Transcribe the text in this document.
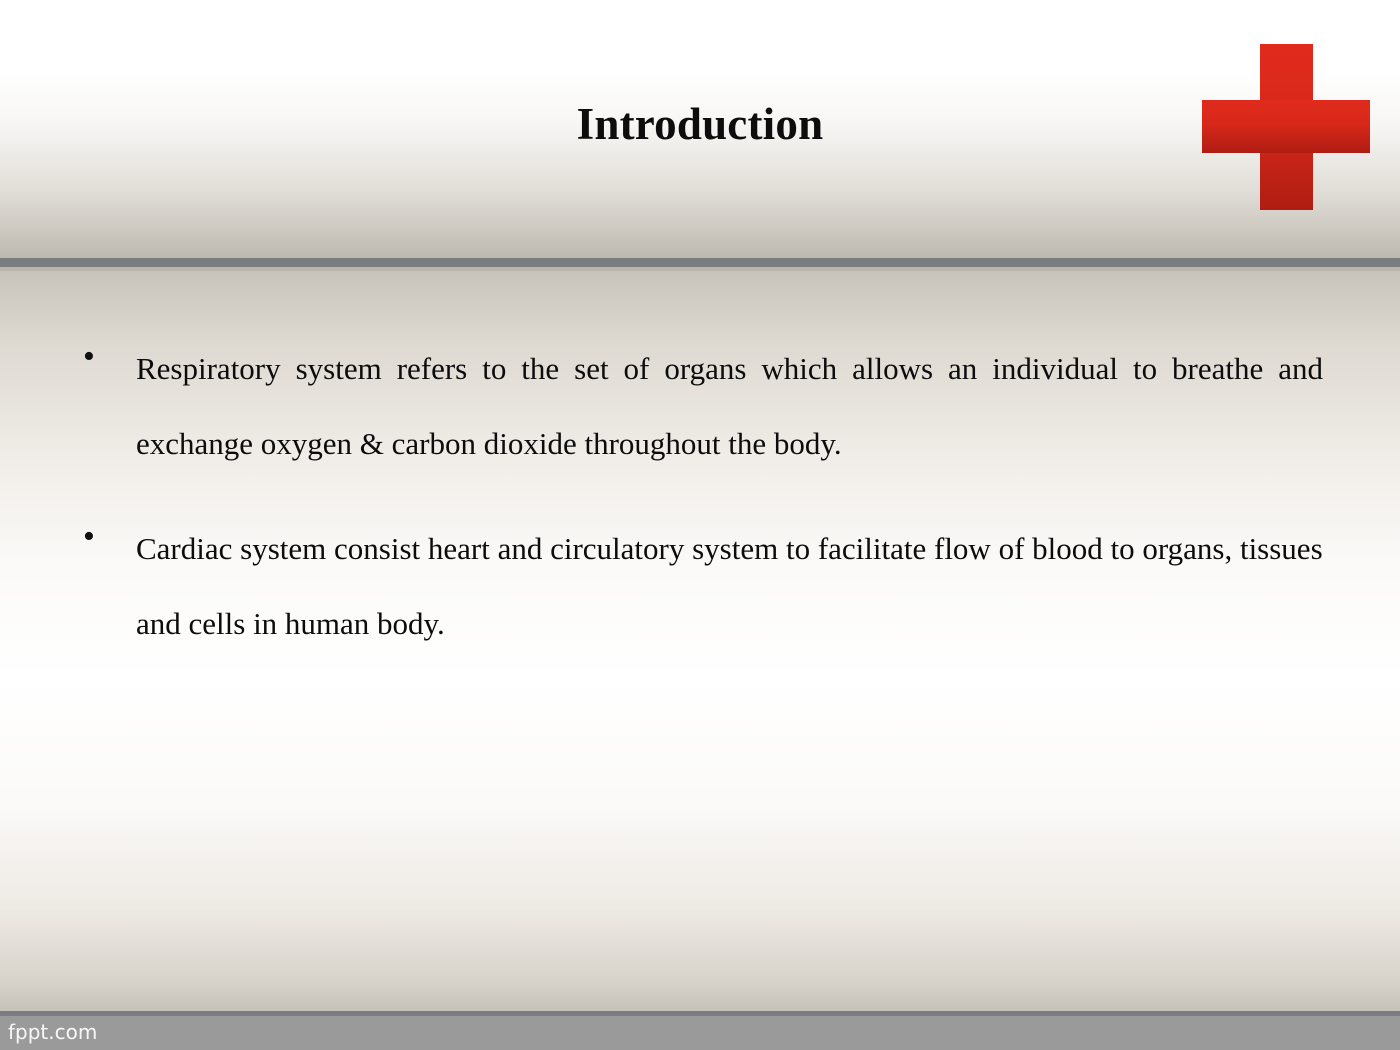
Introduction
• Respiratory system refers to the set of organs which allows an individual to breathe and exchange oxygen & carbon dioxide throughout the body.
• Cardiac system consist heart and circulatory system to facilitate flow of blood to organs, tissues and cells in human body.
fppt.com
